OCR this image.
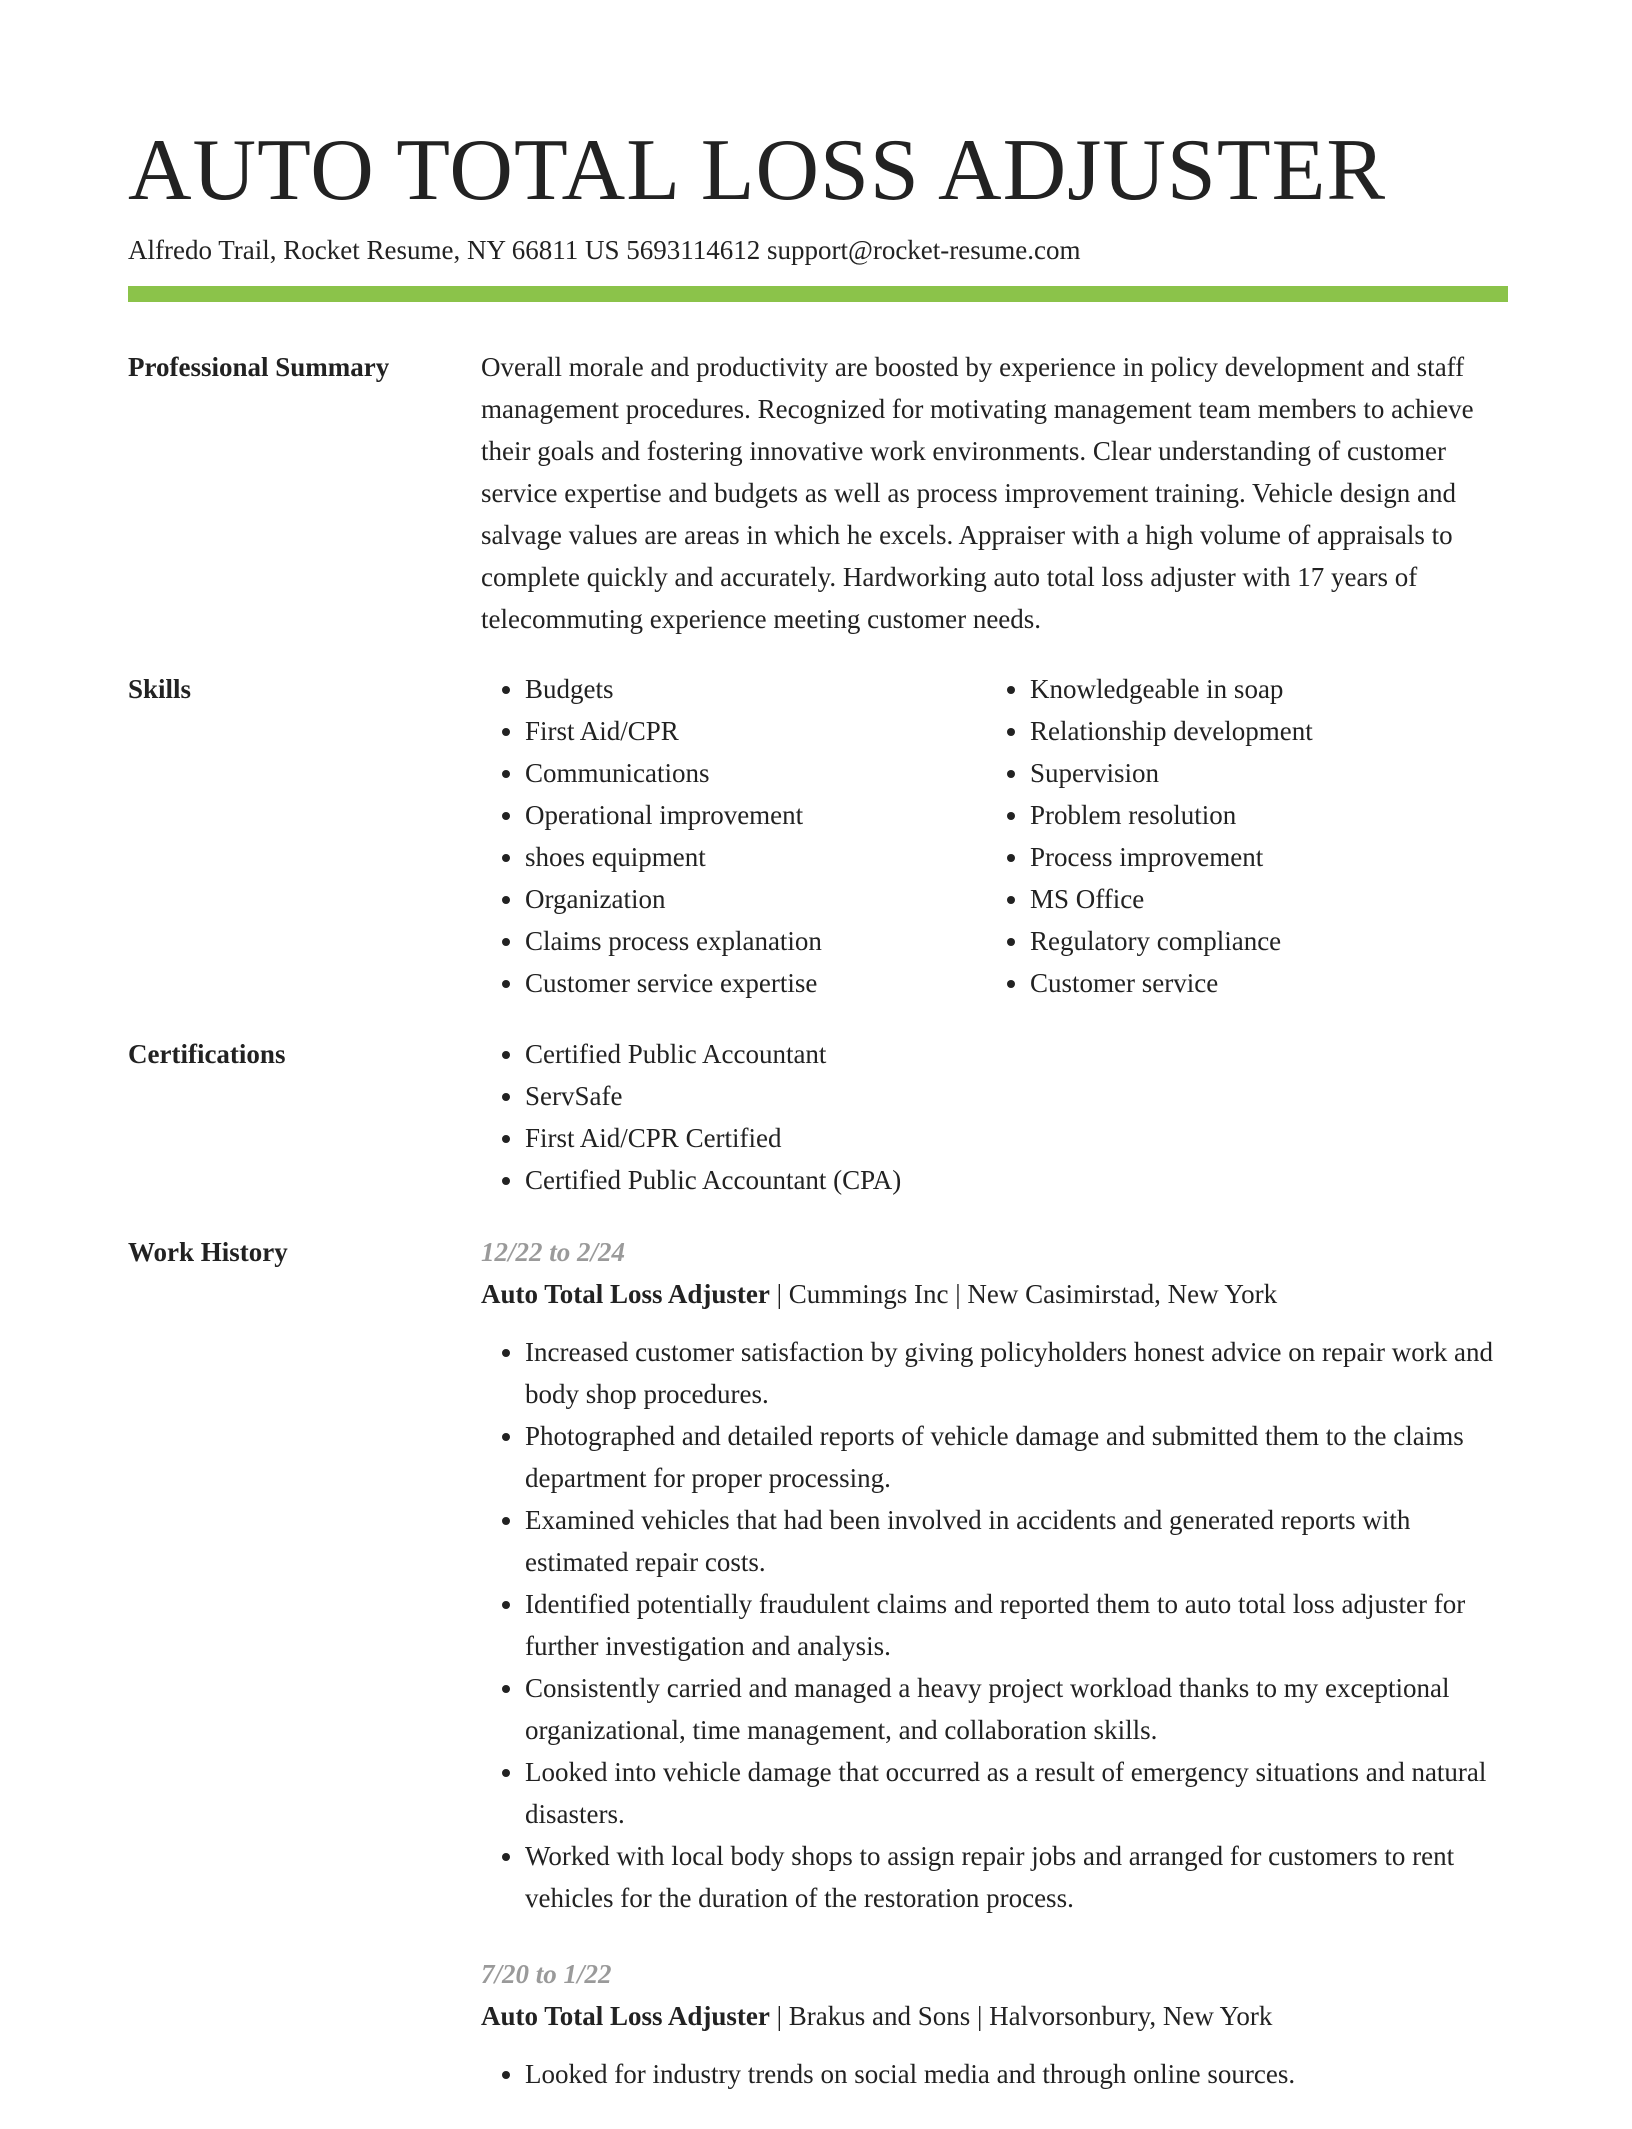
AUTO TOTAL LOSS ADJUSTER
Alfredo Trail, Rocket Resume, NY 66811 US 5693114612 support@rocket-resume.com
Professional Summary	Overall morale and productivity are boosted by experience in policy development and staff management procedures. Recognized for motivating management team members to achieve their goals and fostering innovative work environments. Clear understanding of customer service expertise and budgets as well as process improvement training. Vehicle design and salvage values are areas in which he excels. Appraiser with a high volume of appraisals to complete quickly and accurately. Hardworking auto total loss adjuster with 17 years of telecommuting experience meeting customer needs.

Skills	• Budgets
• First Aid/CPR
• Communications
• Operational improvement
• shoes equipment
• Organization
• Claims process explanation
• Customer service expertise
• Knowledgeable in soap
• Relationship development
• Supervision
• Problem resolution
• Process improvement
• MS Office
• Regulatory compliance
• Customer service
Certifications	• Certified Public Accountant
• ServSafe
• First Aid/CPR Certified
• Certified Public Accountant (CPA)
Work History	12/22 to 2/24
Auto Total Loss Adjuster | Cummings Inc | New Casimirstad, New York
• Increased customer satisfaction by giving policyholders honest advice on repair work and body shop procedures.
• Photographed and detailed reports of vehicle damage and submitted them to the claims department for proper processing.
• Examined vehicles that had been involved in accidents and generated reports with estimated repair costs.
• Identified potentially fraudulent claims and reported them to auto total loss adjuster for further investigation and analysis.
• Consistently carried and managed a heavy project workload thanks to my exceptional organizational, time management, and collaboration skills.
• Looked into vehicle damage that occurred as a result of emergency situations and natural disasters.
• Worked with local body shops to assign repair jobs and arranged for customers to rent vehicles for the duration of the restoration process.
7/20 to 1/22
Auto Total Loss Adjuster | Brakus and Sons | Halvorsonbury, New York
• Looked for industry trends on social media and through online sources.
